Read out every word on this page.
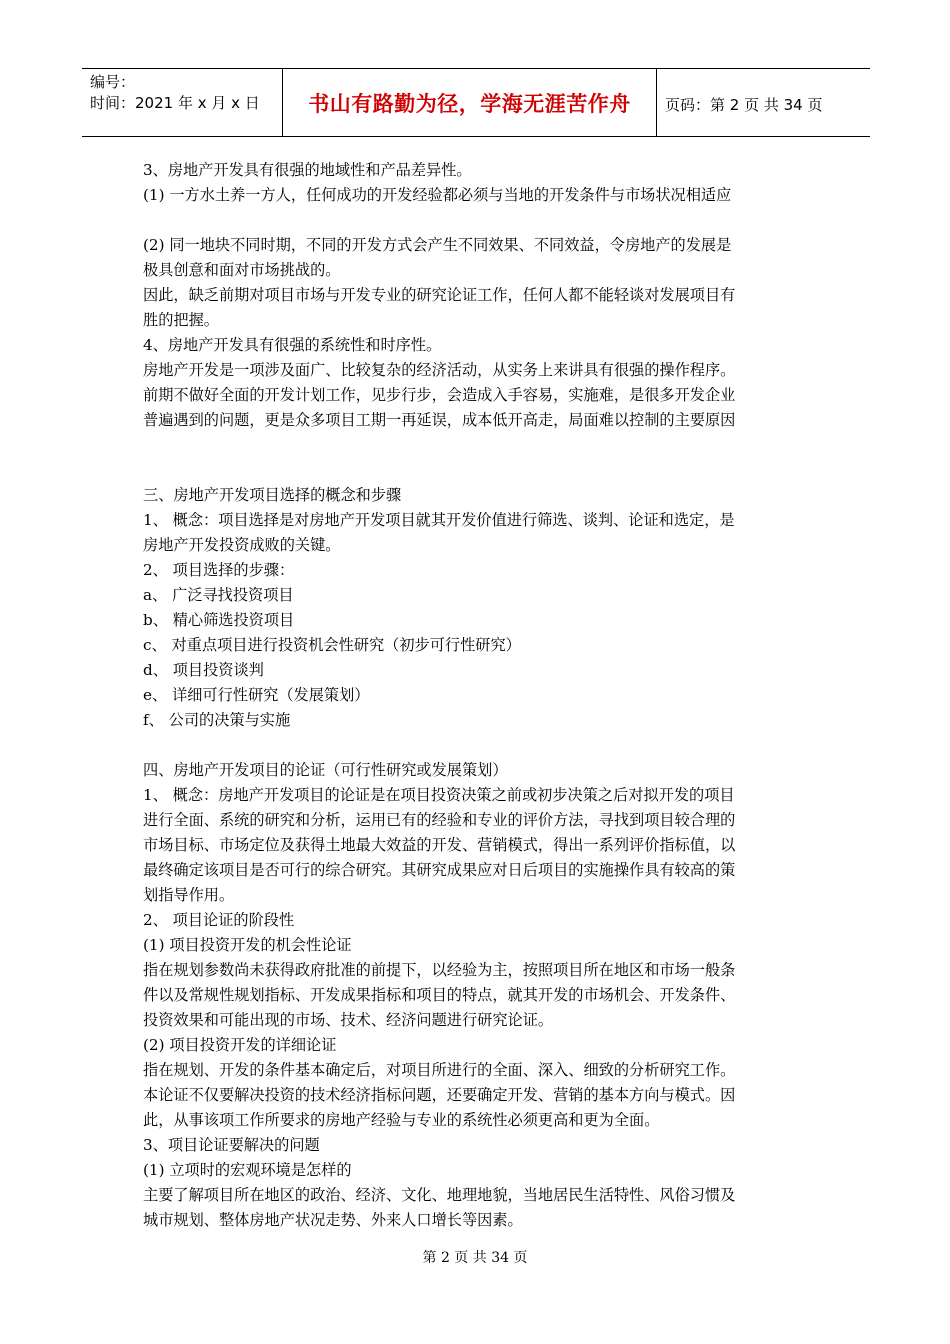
编号：
时间：2021 年 x 月 x 日	书山有路勤为径，学海无涯苦作舟	页码：第 2 页 共 34 页
3、房地产开发具有很强的地域性和产品差异性。
(1) 一方水土养一方人，任何成功的开发经验都必须与当地的开发条件与市场状况相适应
(2) 同一地块不同时期，不同的开发方式会产生不同效果、不同效益，令房地产的发展是
极具创意和面对市场挑战的。
因此，缺乏前期对项目市场与开发专业的研究论证工作，任何人都不能轻谈对发展项目有
胜的把握。
4、房地产开发具有很强的系统性和时序性。
房地产开发是一项涉及面广、比较复杂的经济活动，从实务上来讲具有很强的操作程序。
前期不做好全面的开发计划工作，见步行步，会造成入手容易，实施难，是很多开发企业
普遍遇到的问题，更是众多项目工期一再延误，成本低开高走，局面难以控制的主要原因
三、房地产开发项目选择的概念和步骤
1、 概念：项目选择是对房地产开发项目就其开发价值进行筛选、谈判、论证和选定，是
房地产开发投资成败的关键。
2、 项目选择的步骤：
a、 广泛寻找投资项目
b、 精心筛选投资项目
c、 对重点项目进行投资机会性研究（初步可行性研究）
d、 项目投资谈判
e、 详细可行性研究（发展策划）
f、 公司的决策与实施
四、房地产开发项目的论证（可行性研究或发展策划）
1、 概念：房地产开发项目的论证是在项目投资决策之前或初步决策之后对拟开发的项目
进行全面、系统的研究和分析，运用已有的经验和专业的评价方法，寻找到项目较合理的
市场目标、市场定位及获得土地最大效益的开发、营销模式，得出一系列评价指标值，以
最终确定该项目是否可行的综合研究。其研究成果应对日后项目的实施操作具有较高的策
划指导作用。
2、 项目论证的阶段性
(1) 项目投资开发的机会性论证
指在规划参数尚未获得政府批准的前提下，以经验为主，按照项目所在地区和市场一般条
件以及常规性规划指标、开发成果指标和项目的特点，就其开发的市场机会、开发条件、
投资效果和可能出现的市场、技术、经济问题进行研究论证。
(2) 项目投资开发的详细论证
指在规划、开发的条件基本确定后，对项目所进行的全面、深入、细致的分析研究工作。
本论证不仅要解决投资的技术经济指标问题，还要确定开发、营销的基本方向与模式。因
此，从事该项工作所要求的房地产经验与专业的系统性必须更高和更为全面。
3、项目论证要解决的问题
(1) 立项时的宏观环境是怎样的
主要了解项目所在地区的政治、经济、文化、地理地貌，当地居民生活特性、风俗习惯及
城市规划、整体房地产状况走势、外来人口增长等因素。
第 2 页 共 34 页
